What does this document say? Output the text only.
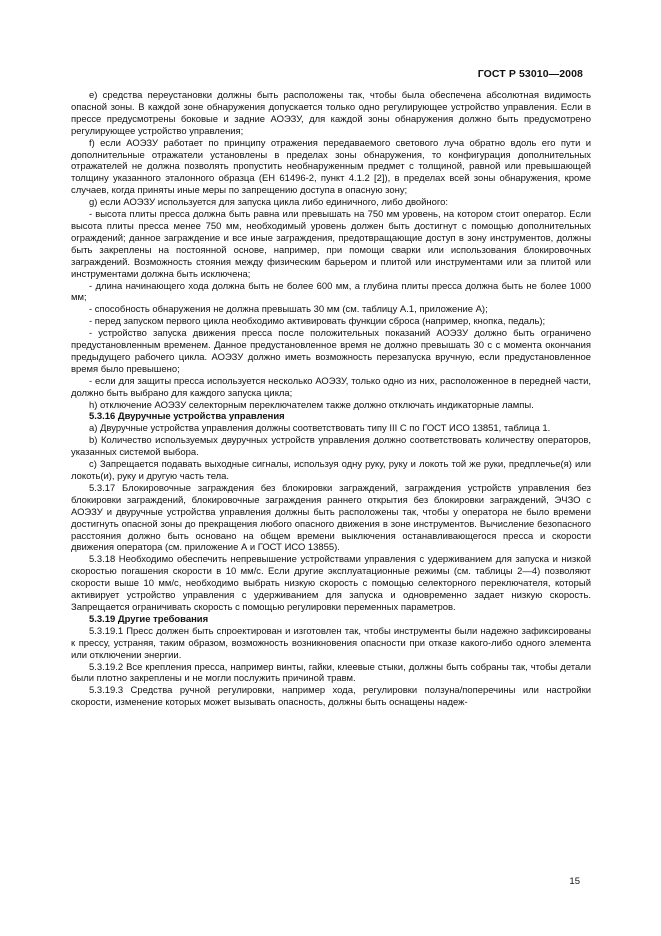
ГОСТ Р 53010—2008

е) средства переустановки должны быть расположены так, чтобы была обеспечена абсолютная видимость опасной зоны. В каждой зоне обнаружения допускается только одно регулирующее устройство управления. Если в прессе предусмотрены боковые и задние АОЭЗУ, для каждой зоны обнаружения должно быть предусмотрено регулирующее устройство управления;

f) если АОЭЗУ работает по принципу отражения передаваемого светового луча обратно вдоль его пути и дополнительные отражатели установлены в пределах зоны обнаружения, то конфигурация дополнительных отражателей не должна позволять пропустить необнаруженным предмет с толщиной, равной или превышающей толщину указанного эталонного образца (ЕН 61496-2, пункт 4.1.2 [2]), в пределах всей зоны обнаружения, кроме случаев, когда приняты иные меры по запрещению доступа в опасную зону;

g) если АОЭЗУ используется для запуска цикла либо единичного, либо двойного:

- высота плиты пресса должна быть равна или превышать на 750 мм уровень, на котором стоит оператор. Если высота плиты пресса менее 750 мм, необходимый уровень должен быть достигнут с помощью дополнительных ограждений; данное заграждение и все иные заграждения, предотвращающие доступ в зону инструментов, должны быть закреплены на постоянной основе, например, при помощи сварки или использования блокировочных заграждений. Возможность стояния между физическим барьером и плитой или инструментами или за плитой или инструментами должна быть исключена;

- длина начинающего хода должна быть не более 600 мм, а глубина плиты пресса должна быть не более 1000 мм;

- способность обнаружения не должна превышать 30 мм (см. таблицу А.1, приложение А);

- перед запуском первого цикла необходимо активировать функции сброса (например, кнопка, педаль);

- устройство запуска движения пресса после положительных показаний АОЭЗУ должно быть ограничено предустановленным временем. Данное предустановленное время не должно превышать 30 с с момента окончания предыдущего рабочего цикла. АОЭЗУ должно иметь возможность перезапуска вручную, если предустановленное время было превышено;

- если для защиты пресса используется несколько АОЭЗУ, только одно из них, расположенное в передней части, должно быть выбрано для каждого запуска цикла;

h) отключение АОЭЗУ селекторным переключателем также должно отключать индикаторные лампы.

5.3.16 Двуручные устройства управления

a) Двуручные устройства управления должны соответствовать типу III С по ГОСТ ИСО 13851, таблица 1.

b) Количество используемых двуручных устройств управления должно соответствовать количеству операторов, указанных системой выбора.

c) Запрещается подавать выходные сигналы, используя одну руку, руку и локоть той же руки, предплечье(я) или локоть(и), руку и другую часть тела.

5.3.17 Блокировочные заграждения без блокировки заграждений, заграждения устройств управления без блокировки заграждений, блокировочные заграждения раннего открытия без блокировки заграждений, ЭЧЗО с АОЭЗУ и двуручные устройства управления должны быть расположены так, чтобы у оператора не было времени достигнуть опасной зоны до прекращения любого опасного движения в зоне инструментов. Вычисление безопасного расстояния должно быть основано на общем времени выключения останавливающегося пресса и скорости движения оператора (см. приложение А и ГОСТ ИСО 13855).

5.3.18 Необходимо обеспечить непревышение устройствами управления с удерживанием для запуска и низкой скоростью погашения скорости в 10 мм/с. Если другие эксплуатационные режимы (см. таблицы 2—4) позволяют скорости выше 10 мм/с, необходимо выбрать низкую скорость с помощью селекторного переключателя, который активирует устройство управления с удерживанием для запуска и одновременно задает низкую скорость. Запрещается ограничивать скорость с помощью регулировки переменных параметров.

5.3.19 Другие требования

5.3.19.1 Пресс должен быть спроектирован и изготовлен так, чтобы инструменты были надежно зафиксированы к прессу, устраняя, таким образом, возможность возникновения опасности при отказе какого-либо одного элемента или отключении энергии.

5.3.19.2 Все крепления пресса, например винты, гайки, клеевые стыки, должны быть собраны так, чтобы детали были плотно закреплены и не могли послужить причиной травм.

5.3.19.3 Средства ручной регулировки, например хода, регулировки ползуна/поперечины или настройки скорости, изменение которых может вызывать опасность, должны быть оснащены надеж-

15
